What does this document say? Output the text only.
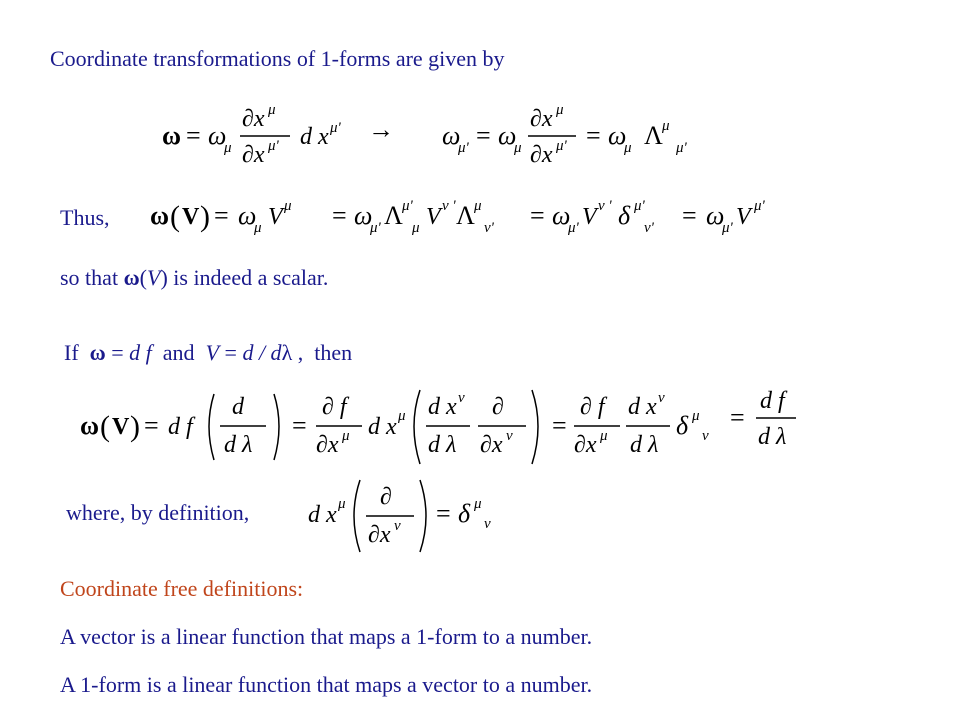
Coordinate transformations of 1-forms are given by
ω = ω
μ
∂x μ
∂x μ' d x μ' → ω
μ' = ω
μ
∂x μ
∂x μ' = ω
μ Λ μ
μ'
Thus, ω ( V ) = ω
μ V μ = ω
μ' Λ μ'
μ V ν ' Λ μ
ν' = ω
μ' V ν ' δ μ'
ν' = ω
μ' V μ'
so that ω(V) is indeed a scalar.
If  ω = d f  and  V = d / dλ ,  then
ω ( V ) = d f
d
d λ
=
∂ f
∂x μ d x μ d x ν
d λ
∂
∂x ν =
∂ f
∂x μ
d x ν
d λ
δ μ
ν
=
d f
d λ
where, by definition, d x μ ∂
∂x ν = δ μ
ν
Coordinate free definitions:
A vector is a linear function that maps a 1-form to a number.
A 1-form is a linear function that maps a vector to a number.
